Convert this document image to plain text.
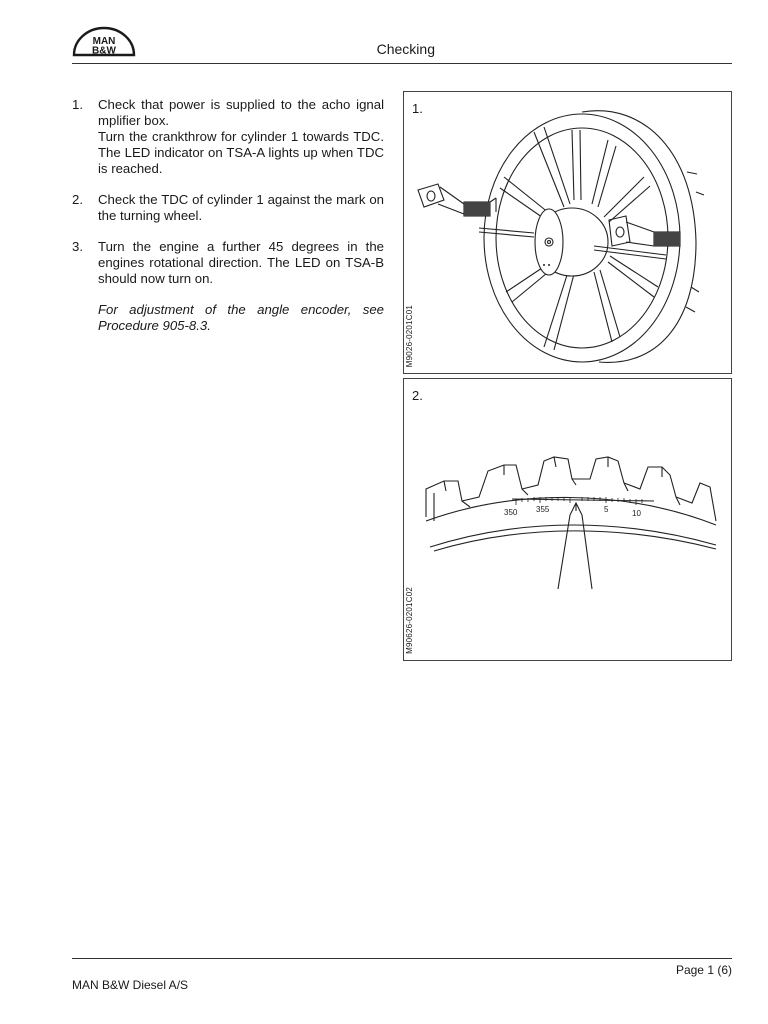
MAN
B&W	Checking
1.	Check that power is supplied to the acho ignal mplifier box.

Turn the crankthrow for cylinder 1 towards TDC. The LED indicator on TSA-A lights up when TDC is reached.

2.	Check the TDC of cylinder 1 against the mark on the turning wheel.

3.	Turn the engine a further 45 degrees in the engines rotational direction. The LED on TSA-B should now turn on.

For adjustment of the angle encoder, see Procedure 905-8.3.

1.
M9026-0201C01
2.
350 355	5	10
M90626-0201C02
Page 1 (6)
MAN B&W Diesel A/S
